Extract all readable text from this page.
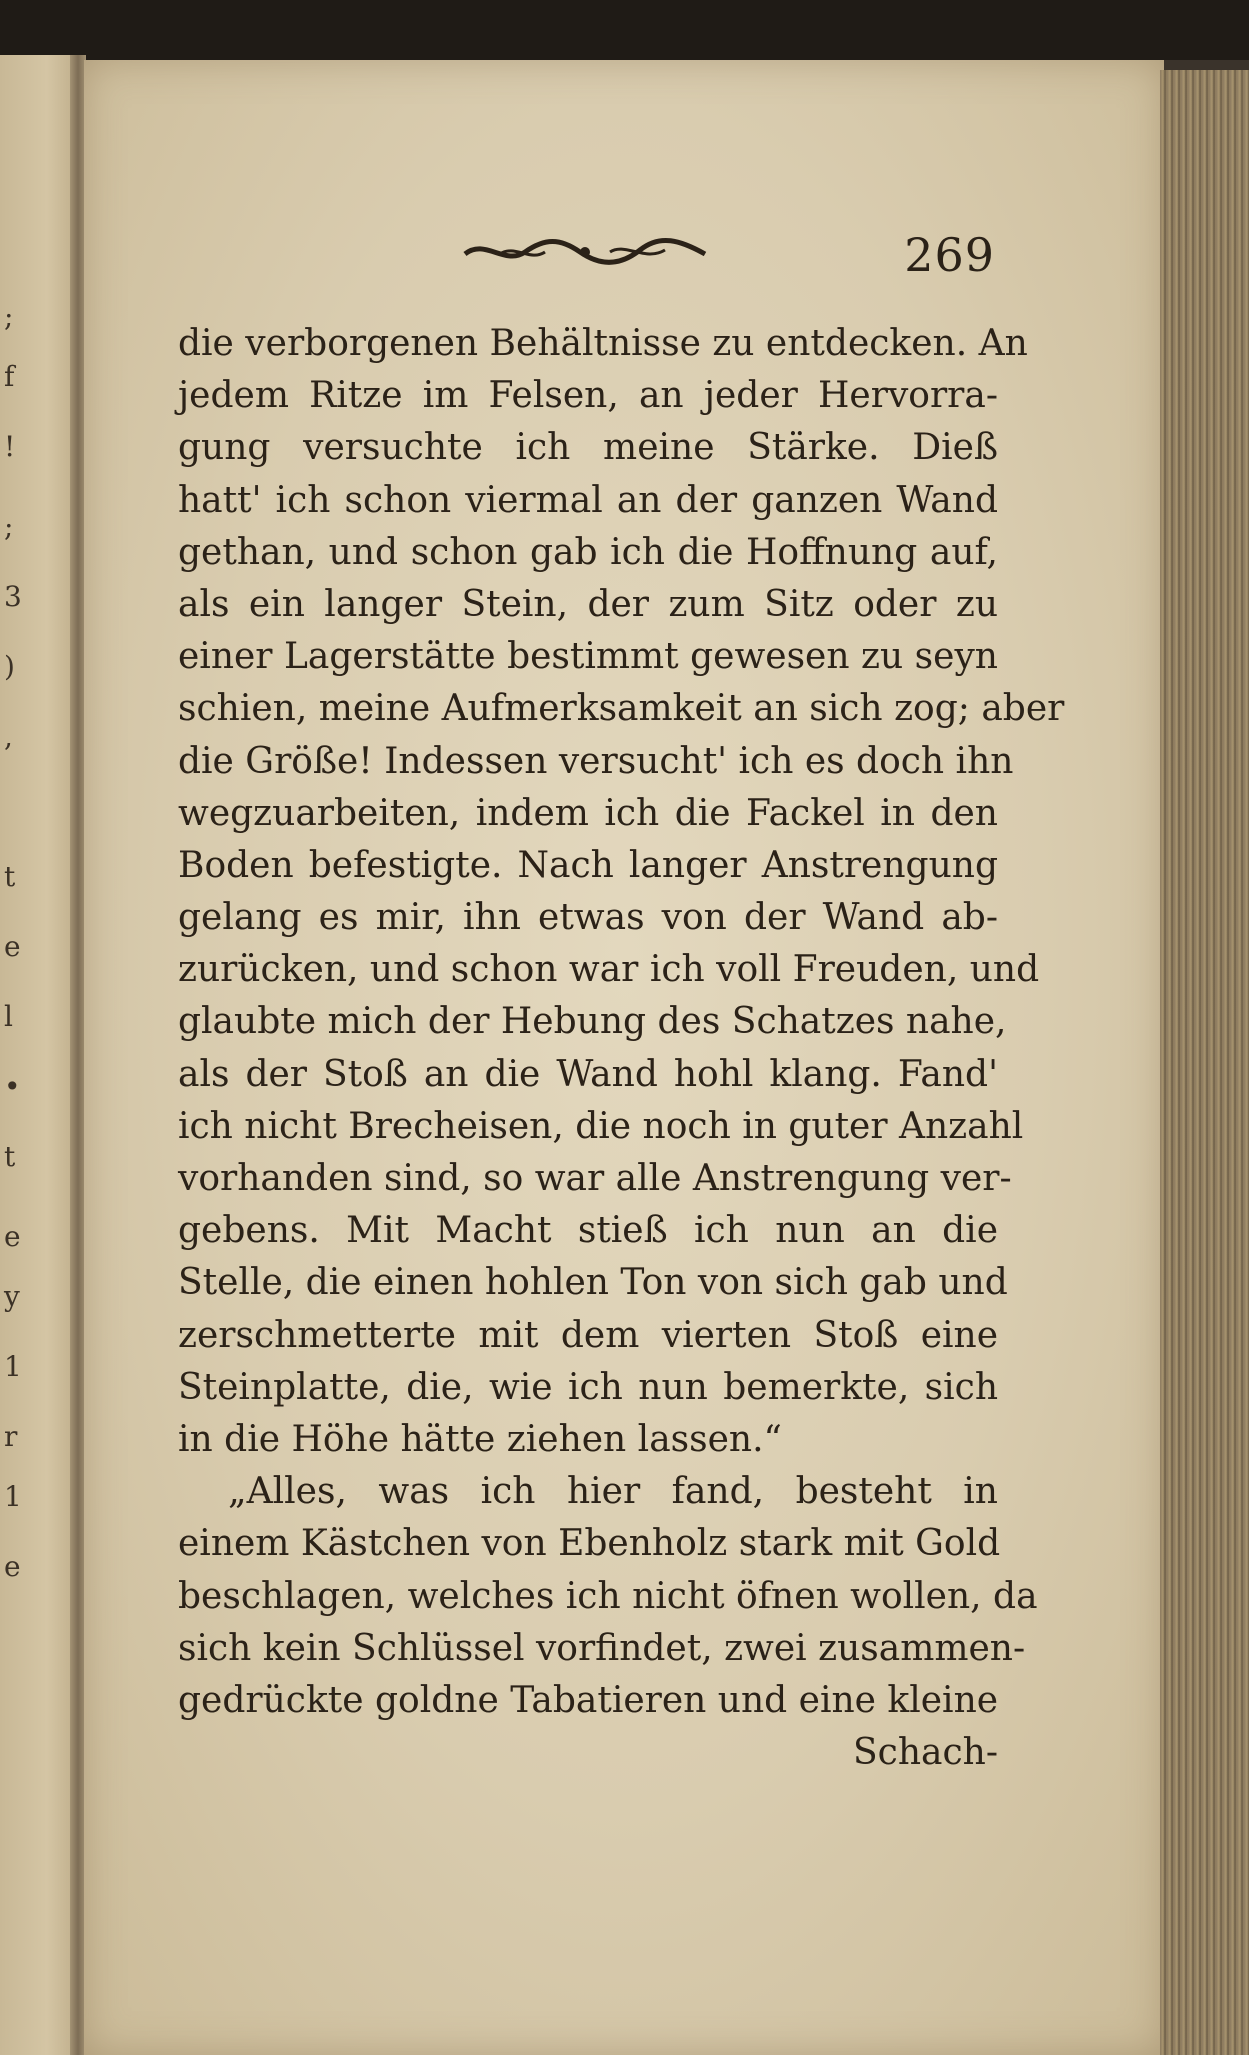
;
f
!
;
3
)
,
t
e
l
•
t
e
y
1
r
1
e
269
die verborgenen Behältnisse zu entdecken. An
jedem Ritze im Felsen, an jeder Hervorra-
gung versuchte ich meine Stärke. Dieß
hatt' ich schon viermal an der ganzen Wand
gethan, und schon gab ich die Hoffnung auf,
als ein langer Stein, der zum Sitz oder zu
einer Lagerstätte bestimmt gewesen zu seyn
schien, meine Aufmerksamkeit an sich zog; aber
die Größe! Indessen versucht' ich es doch ihn
wegzuarbeiten, indem ich die Fackel in den
Boden befestigte. Nach langer Anstrengung
gelang es mir, ihn etwas von der Wand ab-
zurücken, und schon war ich voll Freuden, und
glaubte mich der Hebung des Schatzes nahe,
als der Stoß an die Wand hohl klang. Fand'
ich nicht Brecheisen, die noch in guter Anzahl
vorhanden sind, so war alle Anstrengung ver-
gebens. Mit Macht stieß ich nun an die
Stelle, die einen hohlen Ton von sich gab und
zerschmetterte mit dem vierten Stoß eine
Steinplatte, die, wie ich nun bemerkte, sich
in die Höhe hätte ziehen lassen.“
„Alles, was ich hier fand, besteht in
einem Kästchen von Ebenholz stark mit Gold
beschlagen, welches ich nicht öfnen wollen, da
sich kein Schlüssel vorfindet, zwei zusammen-
gedrückte goldne Tabatieren und eine kleine
Schach-
